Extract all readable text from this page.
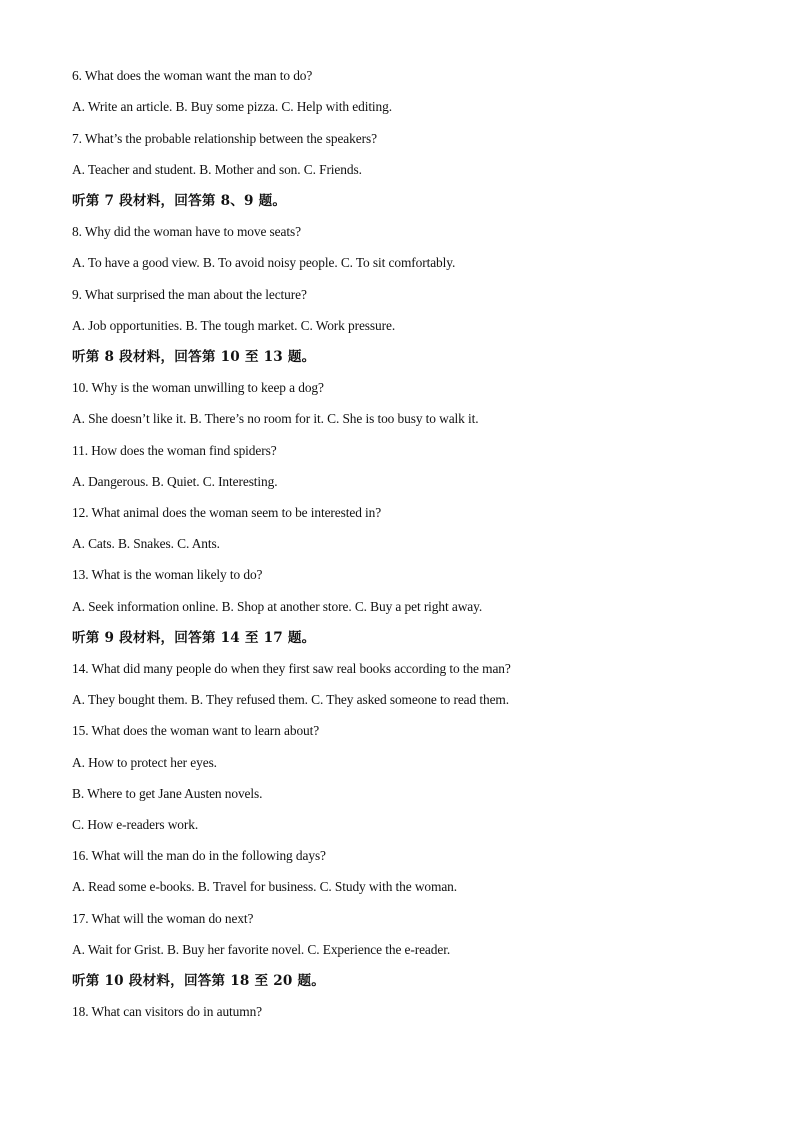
6. What does the woman want the man to do?
A. Write an article. B. Buy some pizza. C. Help with editing.
7. What’s the probable relationship between the speakers?
A. Teacher and student. B. Mother and son. C. Friends.
听第 7 段材料，回答第 8、9 题。
8. Why did the woman have to move seats?
A. To have a good view. B. To avoid noisy people. C. To sit comfortably.
9. What surprised the man about the lecture?
A. Job opportunities. B. The tough market. C. Work pressure.
听第 8 段材料，回答第 10 至 13 题。
10. Why is the woman unwilling to keep a dog?
A. She doesn’t like it. B. There’s no room for it. C. She is too busy to walk it.
11. How does the woman find spiders?
A. Dangerous. B. Quiet. C. Interesting.
12. What animal does the woman seem to be interested in?
A. Cats. B. Snakes. C. Ants.
13. What is the woman likely to do?
A. Seek information online. B. Shop at another store. C. Buy a pet right away.
听第 9 段材料，回答第 14 至 17 题。
14. What did many people do when they first saw real books according to the man?
A. They bought them. B. They refused them. C. They asked someone to read them.
15. What does the woman want to learn about?
A. How to protect her eyes.
B. Where to get Jane Austen novels.
C. How e-readers work.
16. What will the man do in the following days?
A. Read some e-books. B. Travel for business. C. Study with the woman.
17. What will the woman do next?
A. Wait for Grist. B. Buy her favorite novel. C. Experience the e-reader.
听第 10 段材料，回答第 18 至 20 题。
18. What can visitors do in autumn?
